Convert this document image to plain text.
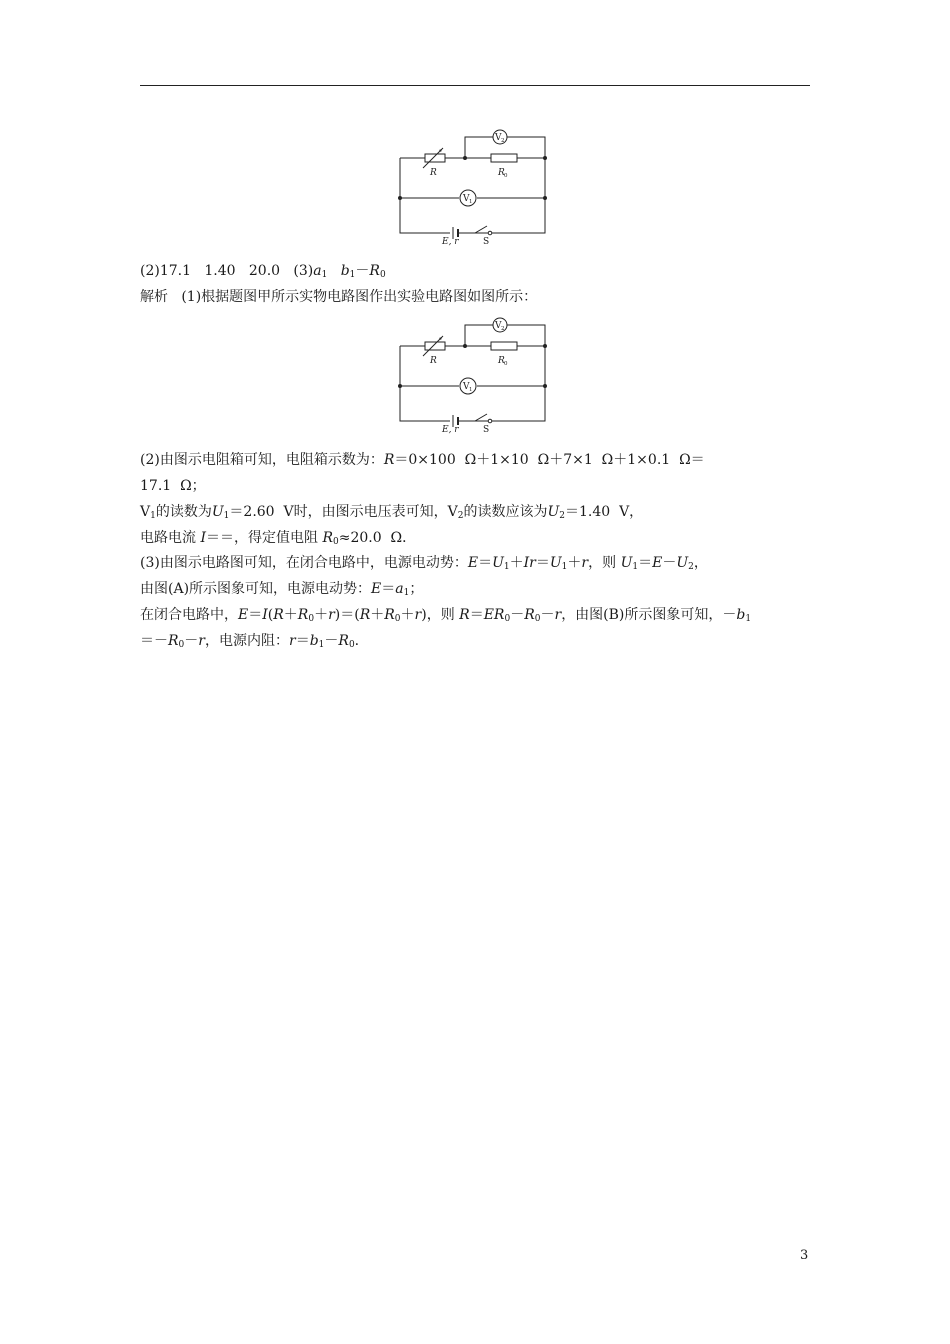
V 2
V 1
R	R 0
E, r	S
(2)17.1   1.40   20.0   $(3)a_1$ $b_1-R_0$
解析   (1)根据题图甲所示实物电路图作出实验电路图如图所示：
V 2
V 1
R	R 0
E, r	S
(2)由图示电阻箱可知，电阻箱示数为：R＝0×100  Ω＋1×10  Ω＋7×1  Ω＋1×0.1  Ω＝
17.1  Ω；
$V_1$的读数为$U_1=2.60$  V时，由图示电压表可知，$V_2$的读数应该为$U_2=1.40$  V，
电路电流 I＝＝，得定值电阻 $R_0\approx 20.0$  Ω．
(3)由图示电路图可知，在闭合电路中，电源电动势：$E=U_1+Ir=U_1+r$，则 $U_1=E-U_2$，
由图(A)所示图象可知，电源电动势：$E=a_1$；
在闭合电路中，$E=I(R+R_0+r)=(R+R_0+r)$，则 $R=ER_0-R_0-r$，由图(B)所示图象可知，$-b_1$
$=-R_0-r$，电源内阻：$r=b_1-R_0$.
3
